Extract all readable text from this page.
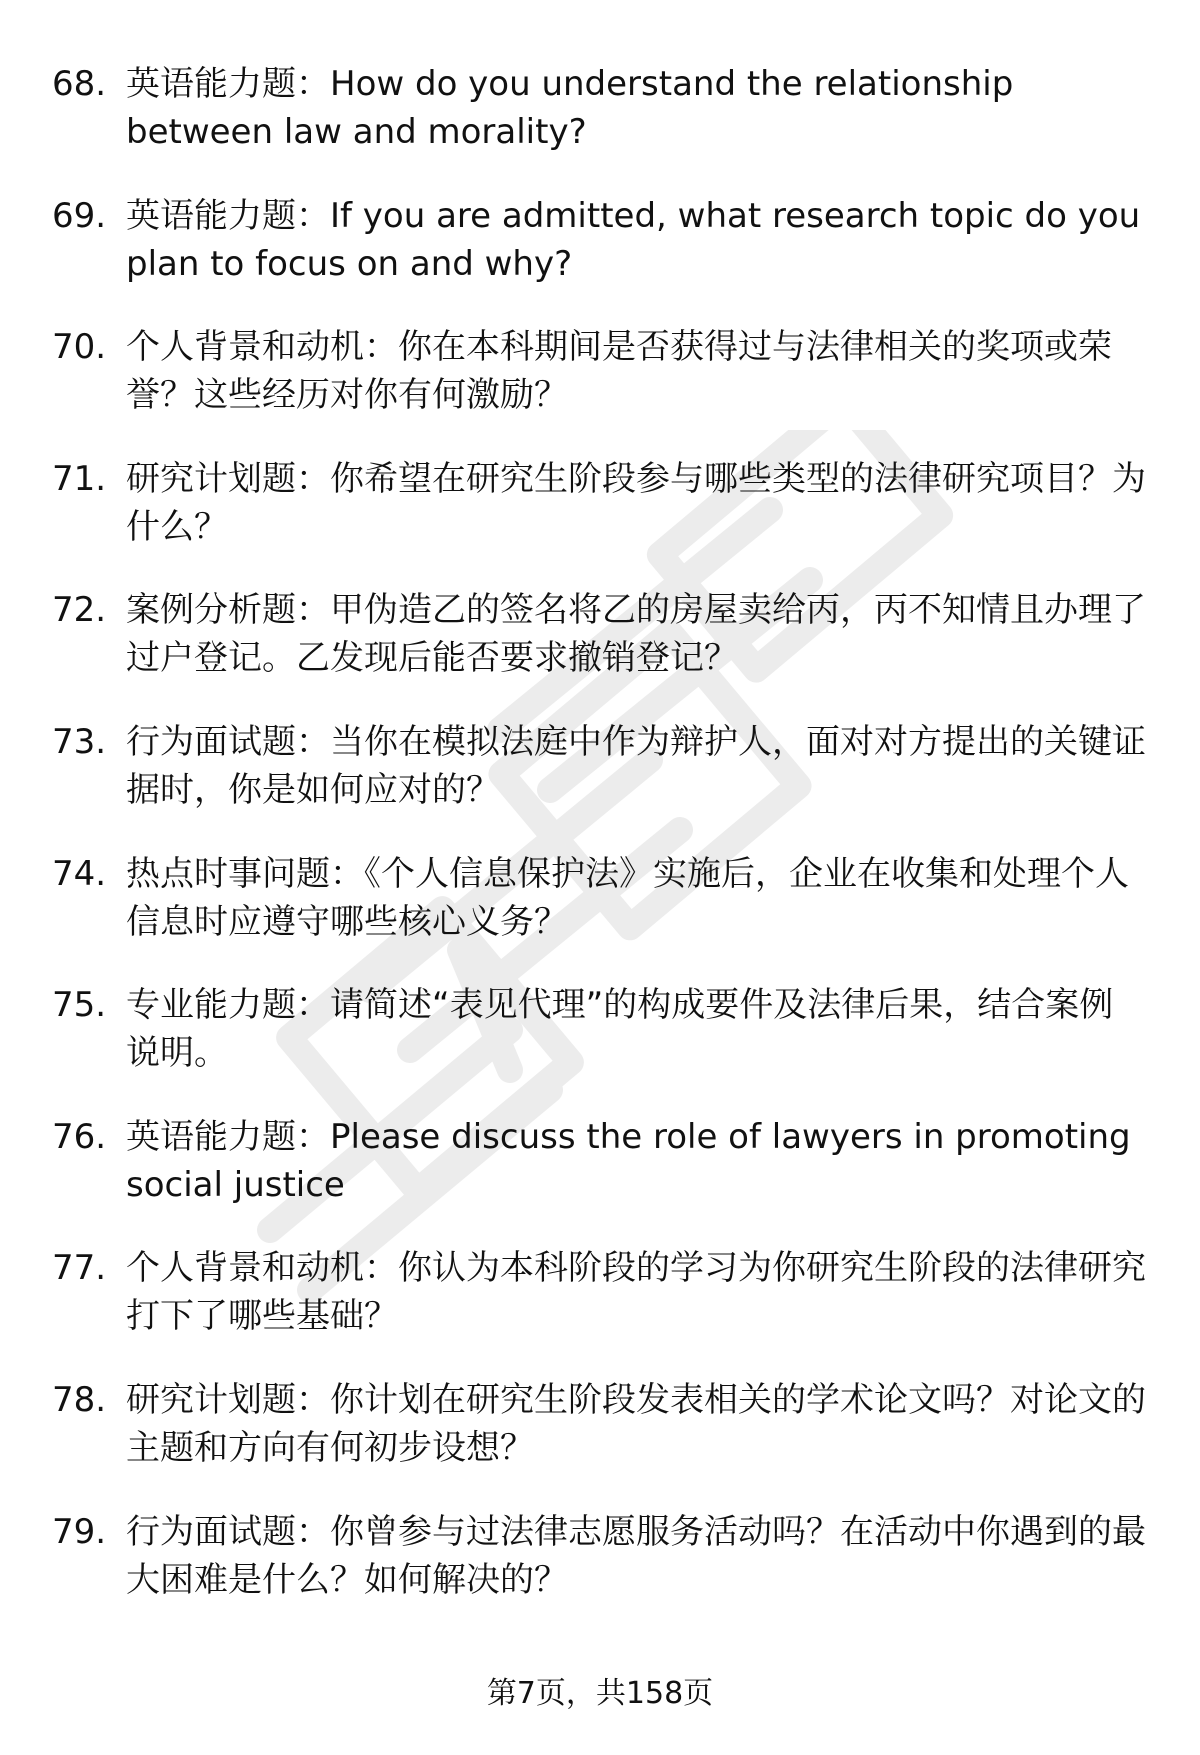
68. 英语能力题：How do you understand the relationship between law and morality?
69. 英语能力题：If you are admitted, what research topic do you plan to focus on and why?
70. 个人背景和动机：你在本科期间是否获得过与法律相关的奖项或荣誉？这些经历对你有何激励？
71. 研究计划题：你希望在研究生阶段参与哪些类型的法律研究项目？为什么？
72. 案例分析题：甲伪造乙的签名将乙的房屋卖给丙，丙不知情且办理了过户登记。乙发现后能否要求撤销登记？
73. 行为面试题：当你在模拟法庭中作为辩护人，面对对方提出的关键证据时，你是如何应对的？
74. 热点时事问题：《个人信息保护法》实施后，企业在收集和处理个人信息时应遵守哪些核心义务？
75. 专业能力题：请简述“表见代理”的构成要件及法律后果，结合案例说明。
76. 英语能力题：Please discuss the role of lawyers in promoting social justice
77. 个人背景和动机：你认为本科阶段的学习为你研究生阶段的法律研究打下了哪些基础？
78. 研究计划题：你计划在研究生阶段发表相关的学术论文吗？对论文的主题和方向有何初步设想？
79. 行为面试题：你曾参与过法律志愿服务活动吗？在活动中你遇到的最大困难是什么？如何解决的？
第7页，共158页
